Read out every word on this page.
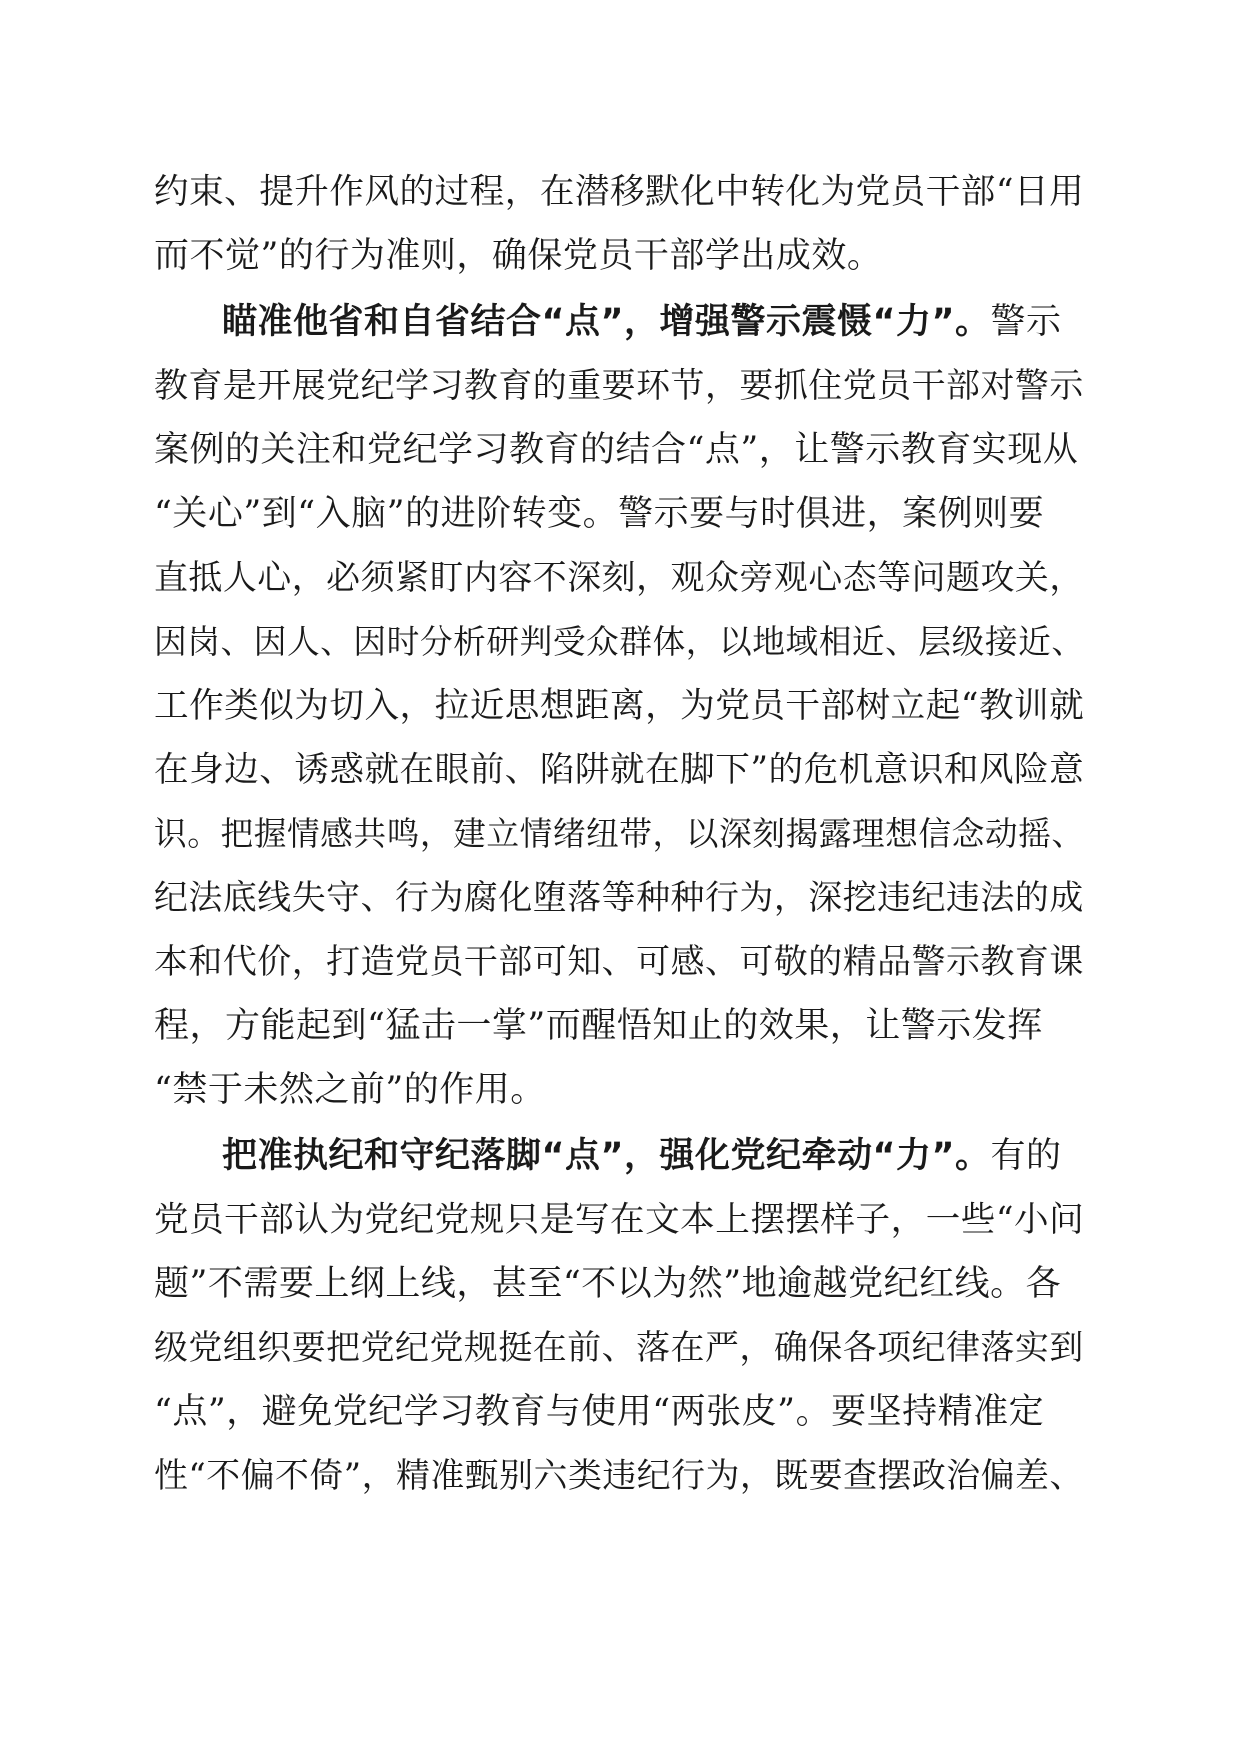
约束、提升作风的过程，在潜移默化中转化为党员干部“日用
而不觉”的行为准则，确保党员干部学出成效。
瞄准他省和自省结合“点”，增强警示震慑“力”。警示
教育是开展党纪学习教育的重要环节，要抓住党员干部对警示
案例的关注和党纪学习教育的结合“点”，让警示教育实现从
“关心”到“入脑”的进阶转变。警示要与时俱进，案例则要
直抵人心，必须紧盯内容不深刻，观众旁观心态等问题攻关，
因岗、因人、因时分析研判受众群体，以地域相近、层级接近、
工作类似为切入，拉近思想距离，为党员干部树立起“教训就
在身边、诱惑就在眼前、陷阱就在脚下”的危机意识和风险意
识。把握情感共鸣，建立情绪纽带，以深刻揭露理想信念动摇、
纪法底线失守、行为腐化堕落等种种行为，深挖违纪违法的成
本和代价，打造党员干部可知、可感、可敬的精品警示教育课
程，方能起到“猛击一掌”而醒悟知止的效果，让警示发挥
“禁于未然之前”的作用。
把准执纪和守纪落脚“点”，强化党纪牵动“力”。有的
党员干部认为党纪党规只是写在文本上摆摆样子，一些“小问
题”不需要上纲上线，甚至“不以为然”地逾越党纪红线。各
级党组织要把党纪党规挺在前、落在严，确保各项纪律落实到
“点”，避免党纪学习教育与使用“两张皮”。要坚持精准定
性“不偏不倚”，精准甄别六类违纪行为，既要查摆政治偏差、
